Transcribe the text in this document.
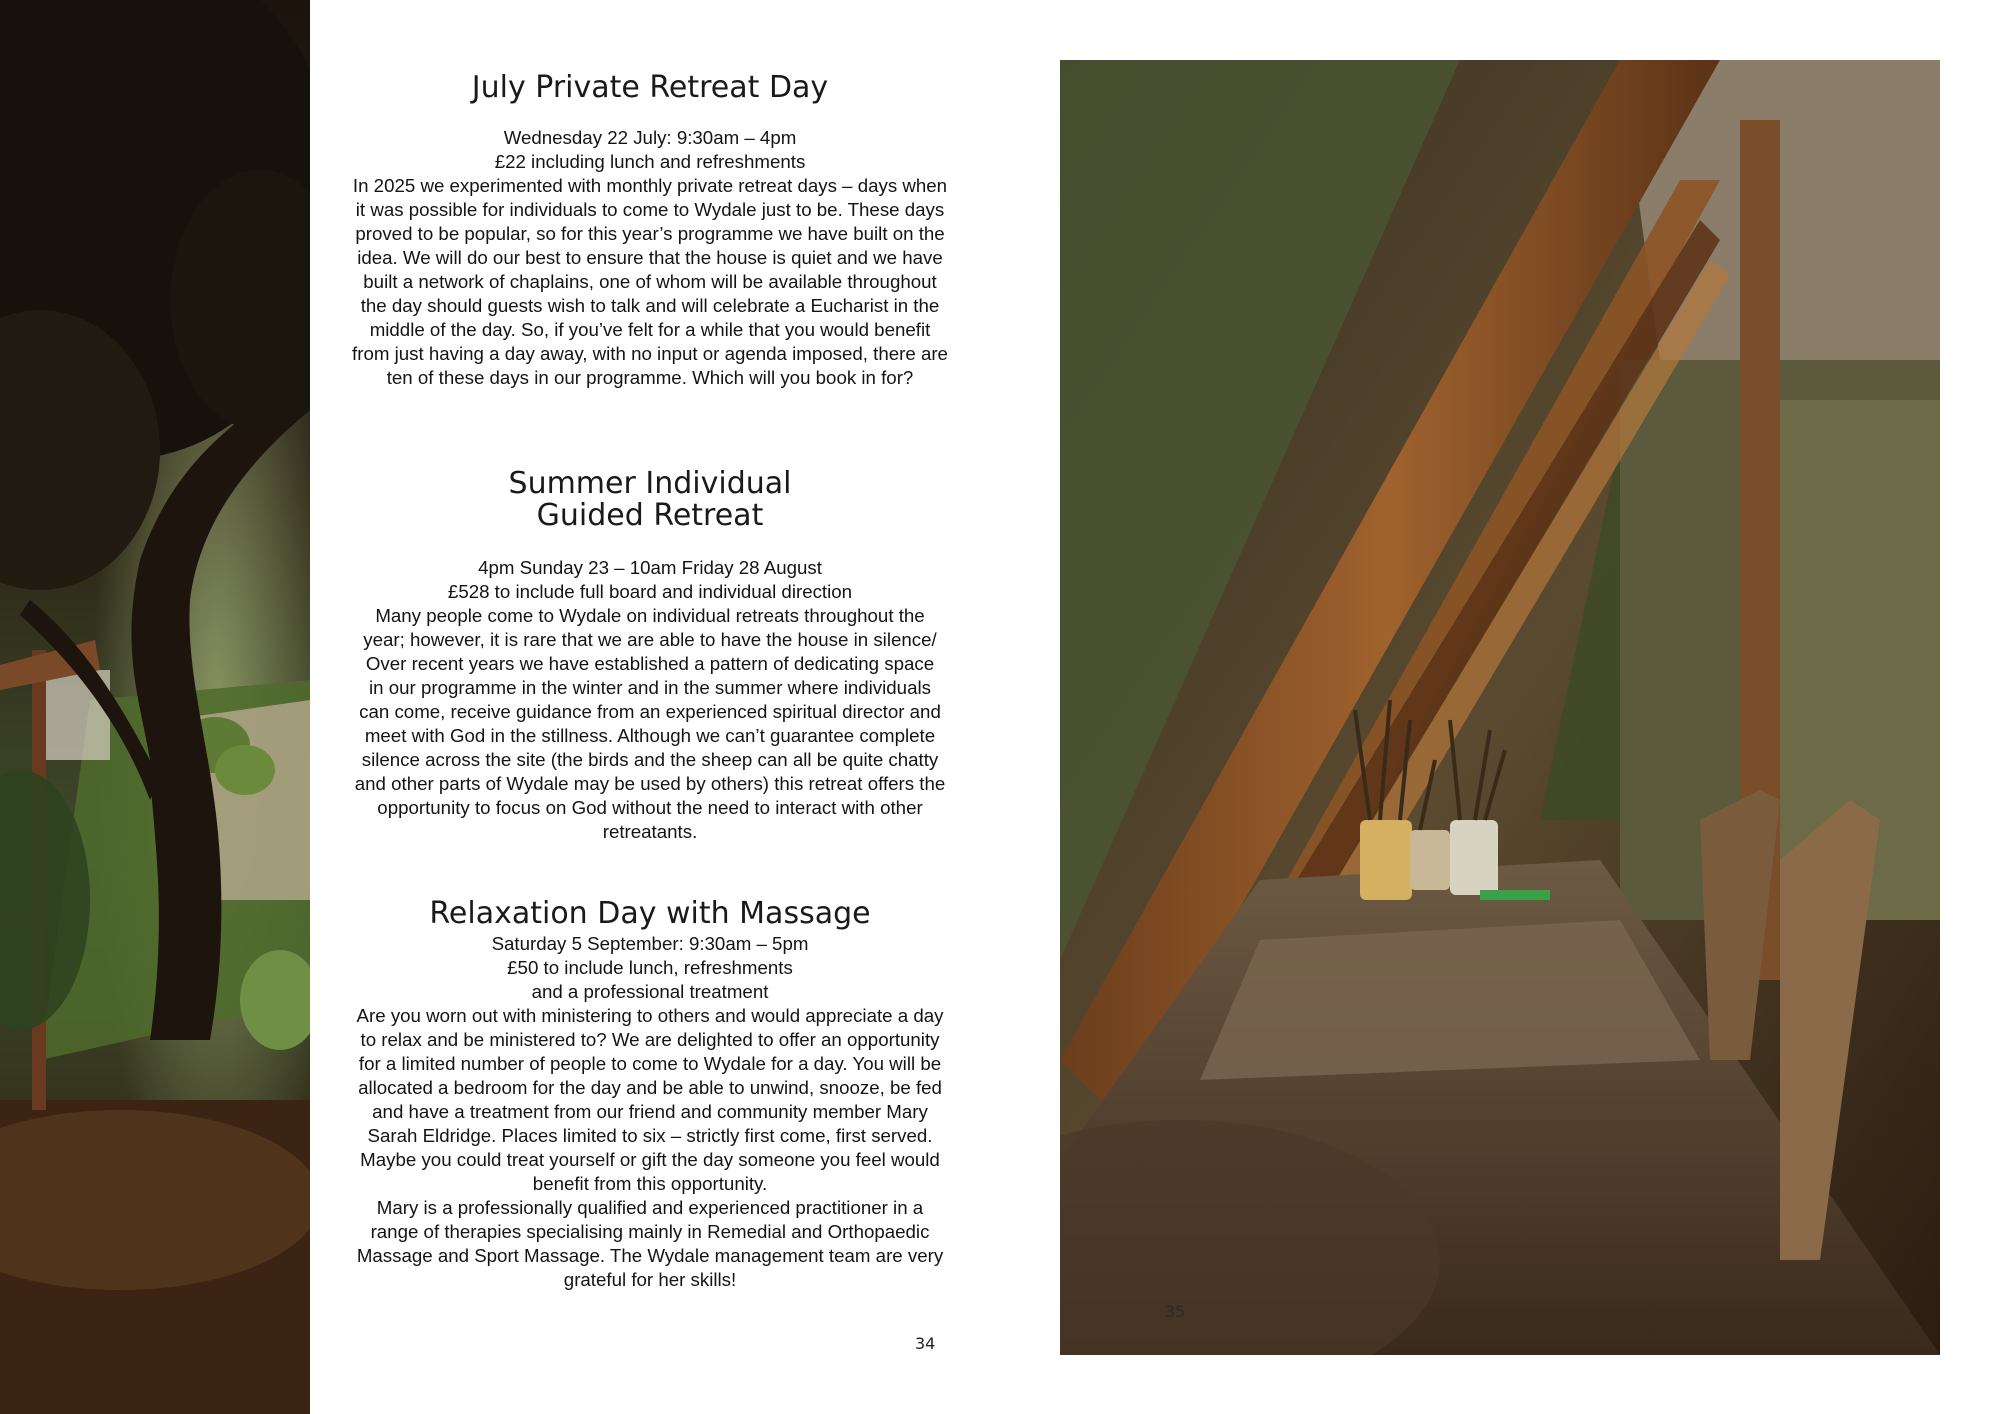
July Private Retreat Day
Wednesday 22 July: 9:30am – 4pm
£22 including lunch and refreshments
In 2025 we experimented with monthly private retreat days – days when
it was possible for individuals to come to Wydale just to be. These days
proved to be popular, so for this year’s programme we have built on the
idea. We will do our best to ensure that the house is quiet and we have
built a network of chaplains, one of whom will be available throughout
the day should guests wish to talk and will celebrate a Eucharist in the
middle of the day. So, if you’ve felt for a while that you would benefit
from just having a day away, with no input or agenda imposed, there are
ten of these days in our programme. Which will you book in for?
Summer Individual
Guided Retreat
4pm Sunday 23 – 10am Friday 28 August
£528 to include full board and individual direction
Many people come to Wydale on individual retreats throughout the
year; however, it is rare that we are able to have the house in silence/
Over recent years we have established a pattern of dedicating space
in our programme in the winter and in the summer where individuals
can come, receive guidance from an experienced spiritual director and
meet with God in the stillness. Although we can’t guarantee complete
silence across the site (the birds and the sheep can all be quite chatty
and other parts of Wydale may be used by others) this retreat offers the
opportunity to focus on God without the need to interact with other
retreatants.
Relaxation Day with Massage
Saturday 5 September: 9:30am – 5pm
£50 to include lunch, refreshments
and a professional treatment
Are you worn out with ministering to others and would appreciate a day
to relax and be ministered to? We are delighted to offer an opportunity
for a limited number of people to come to Wydale for a day. You will be
allocated a bedroom for the day and be able to unwind, snooze, be fed
and have a treatment from our friend and community member Mary
Sarah Eldridge. Places limited to six – strictly first come, first served.
Maybe you could treat yourself or gift the day someone you feel would
benefit from this opportunity.
Mary is a professionally qualified and experienced practitioner in a
range of therapies specialising mainly in Remedial and Orthopaedic
Massage and Sport Massage. The Wydale management team are very
grateful for her skills!
34
35
